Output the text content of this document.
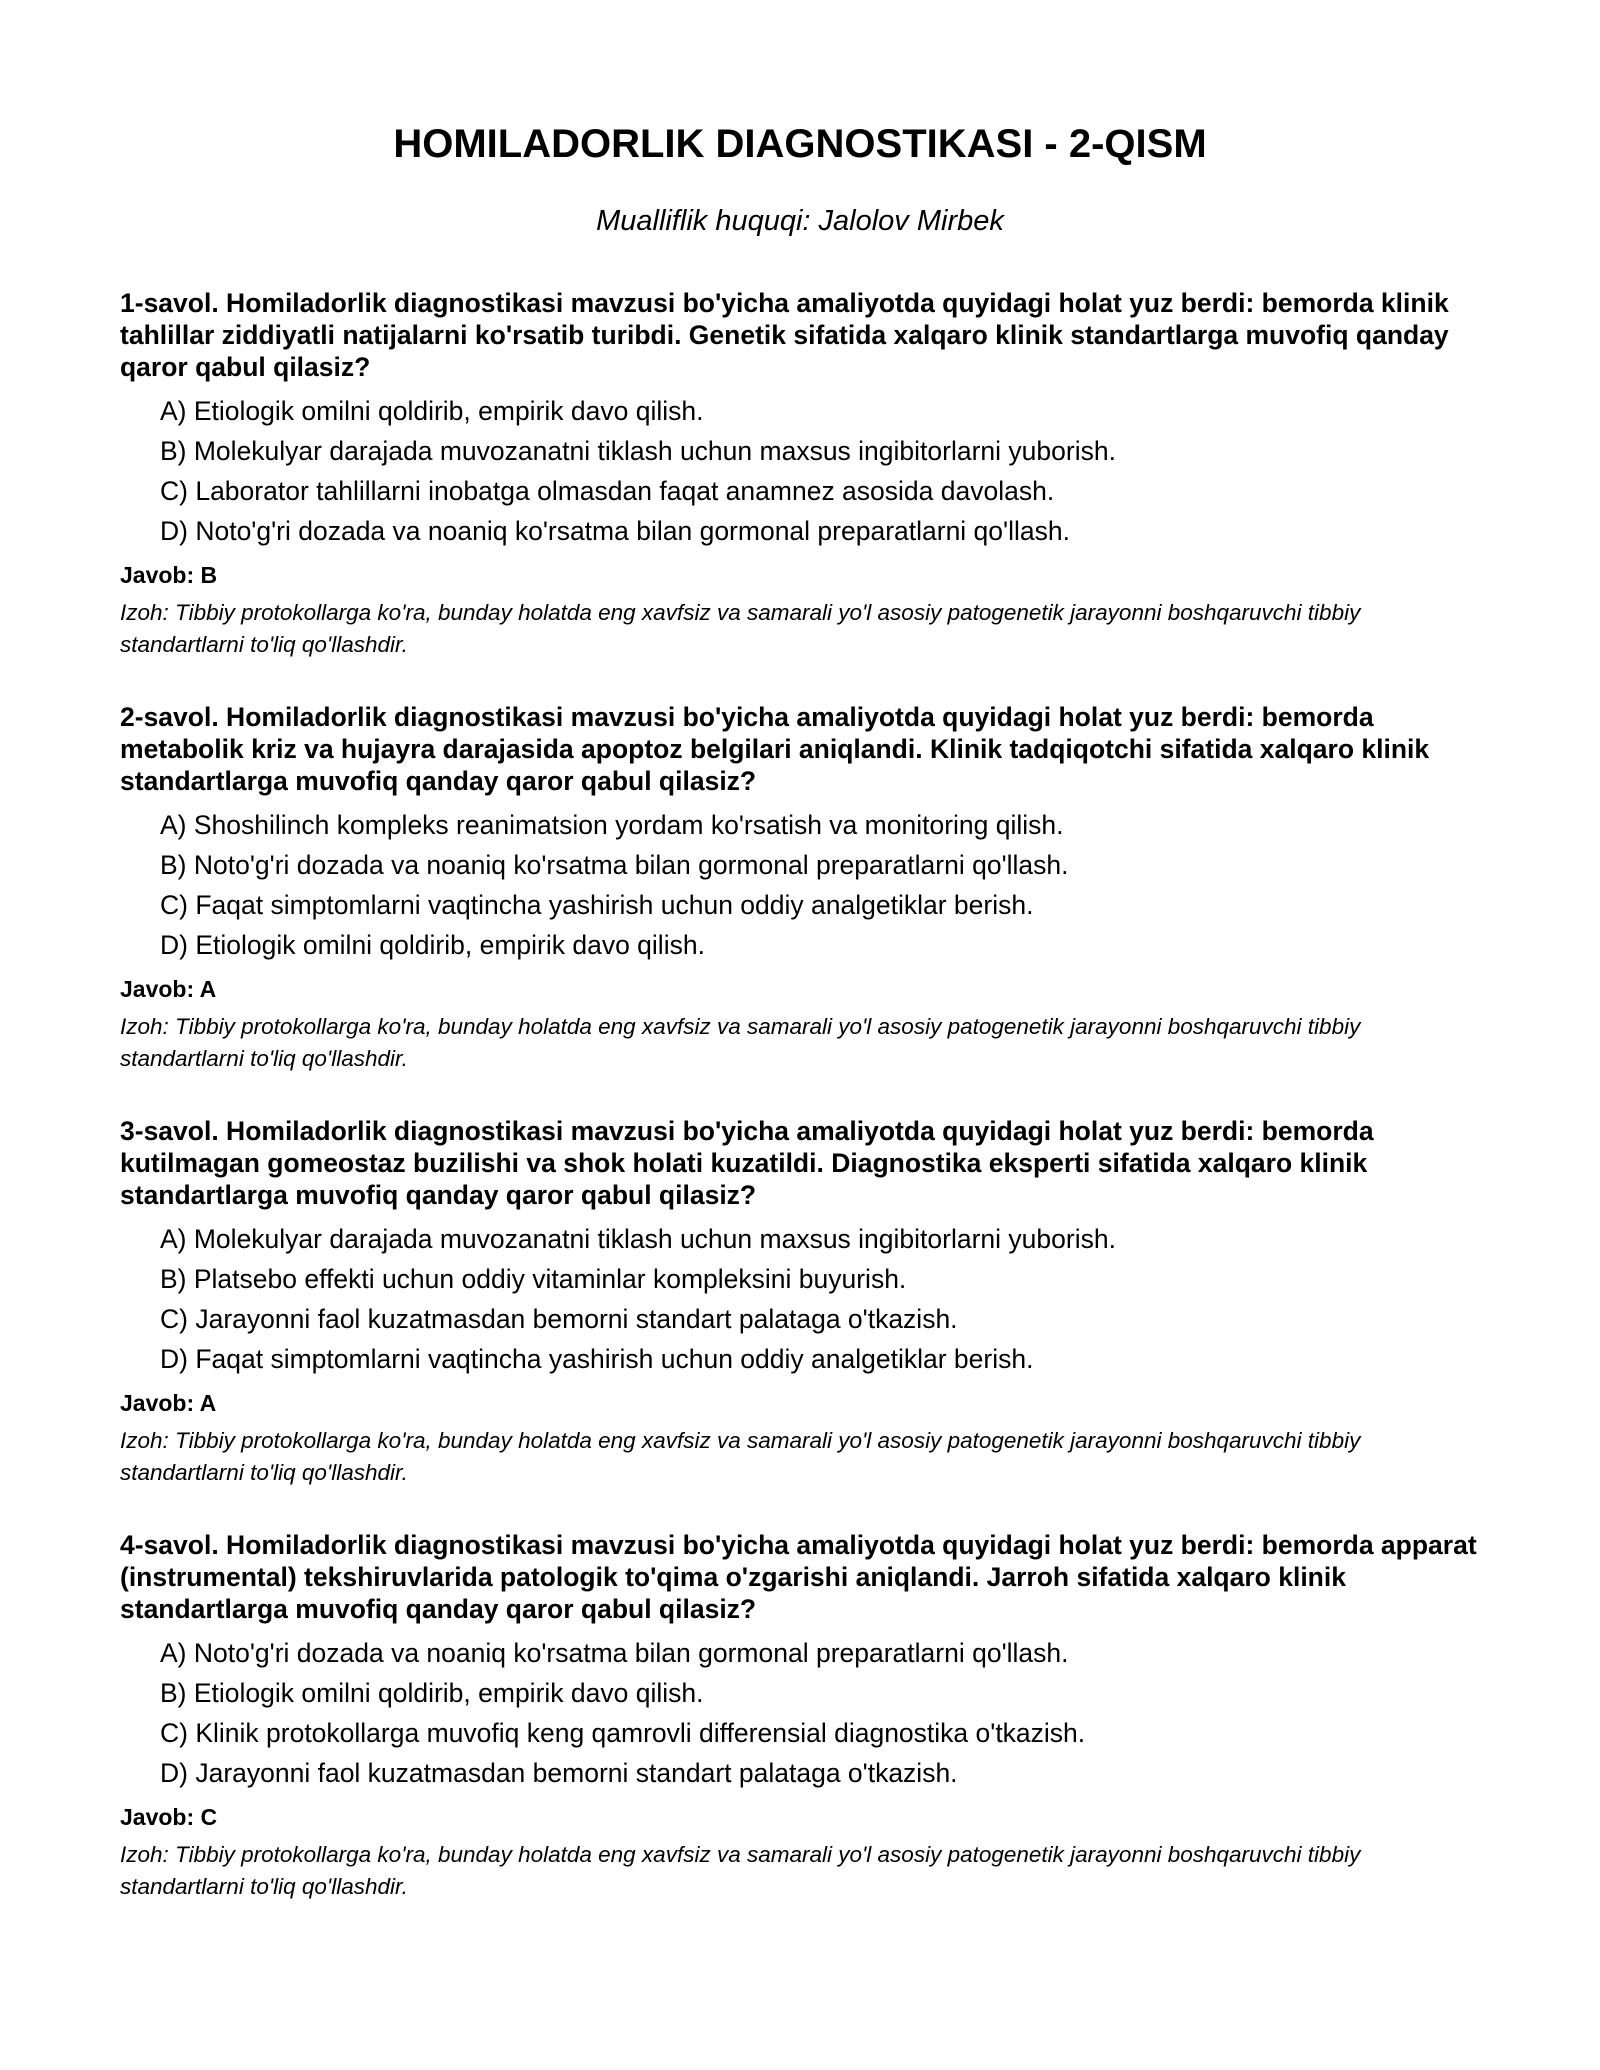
HOMILADORLIK DIAGNOSTIKASI - 2-QISM

Mualliflik huquqi: Jalolov Mirbek

1-savol. Homiladorlik diagnostikasi mavzusi bo'yicha amaliyotda quyidagi holat yuz berdi: bemorda klinik tahlillar ziddiyatli natijalarni ko'rsatib turibdi. Genetik sifatida xalqaro klinik standartlarga muvofiq qanday qaror qabul qilasiz?

A) Etiologik omilni qoldirib, empirik davo qilish.
B) Molekulyar darajada muvozanatni tiklash uchun maxsus ingibitorlarni yuborish.
C) Laborator tahlillarni inobatga olmasdan faqat anamnez asosida davolash.
D) Noto'g'ri dozada va noaniq ko'rsatma bilan gormonal preparatlarni qo'llash.

Javob: B

Izoh: Tibbiy protokollarga ko'ra, bunday holatda eng xavfsiz va samarali yo'l asosiy patogenetik jarayonni boshqaruvchi tibbiy standartlarni to'liq qo'llashdir.

2-savol. Homiladorlik diagnostikasi mavzusi bo'yicha amaliyotda quyidagi holat yuz berdi: bemorda metabolik kriz va hujayra darajasida apoptoz belgilari aniqlandi. Klinik tadqiqotchi sifatida xalqaro klinik standartlarga muvofiq qanday qaror qabul qilasiz?

A) Shoshilinch kompleks reanimatsion yordam ko'rsatish va monitoring qilish.
B) Noto'g'ri dozada va noaniq ko'rsatma bilan gormonal preparatlarni qo'llash.
C) Faqat simptomlarni vaqtincha yashirish uchun oddiy analgetiklar berish.
D) Etiologik omilni qoldirib, empirik davo qilish.

Javob: A

Izoh: Tibbiy protokollarga ko'ra, bunday holatda eng xavfsiz va samarali yo'l asosiy patogenetik jarayonni boshqaruvchi tibbiy standartlarni to'liq qo'llashdir.

3-savol. Homiladorlik diagnostikasi mavzusi bo'yicha amaliyotda quyidagi holat yuz berdi: bemorda kutilmagan gomeostaz buzilishi va shok holati kuzatildi. Diagnostika eksperti sifatida xalqaro klinik standartlarga muvofiq qanday qaror qabul qilasiz?

A) Molekulyar darajada muvozanatni tiklash uchun maxsus ingibitorlarni yuborish.
B) Platsebo effekti uchun oddiy vitaminlar kompleksini buyurish.
C) Jarayonni faol kuzatmasdan bemorni standart palataga o'tkazish.
D) Faqat simptomlarni vaqtincha yashirish uchun oddiy analgetiklar berish.

Javob: A

Izoh: Tibbiy protokollarga ko'ra, bunday holatda eng xavfsiz va samarali yo'l asosiy patogenetik jarayonni boshqaruvchi tibbiy standartlarni to'liq qo'llashdir.

4-savol. Homiladorlik diagnostikasi mavzusi bo'yicha amaliyotda quyidagi holat yuz berdi: bemorda apparat (instrumental) tekshiruvlarida patologik to'qima o'zgarishi aniqlandi. Jarroh sifatida xalqaro klinik standartlarga muvofiq qanday qaror qabul qilasiz?

A) Noto'g'ri dozada va noaniq ko'rsatma bilan gormonal preparatlarni qo'llash.
B) Etiologik omilni qoldirib, empirik davo qilish.
C) Klinik protokollarga muvofiq keng qamrovli differensial diagnostika o'tkazish.
D) Jarayonni faol kuzatmasdan bemorni standart palataga o'tkazish.

Javob: C

Izoh: Tibbiy protokollarga ko'ra, bunday holatda eng xavfsiz va samarali yo'l asosiy patogenetik jarayonni boshqaruvchi tibbiy standartlarni to'liq qo'llashdir.
